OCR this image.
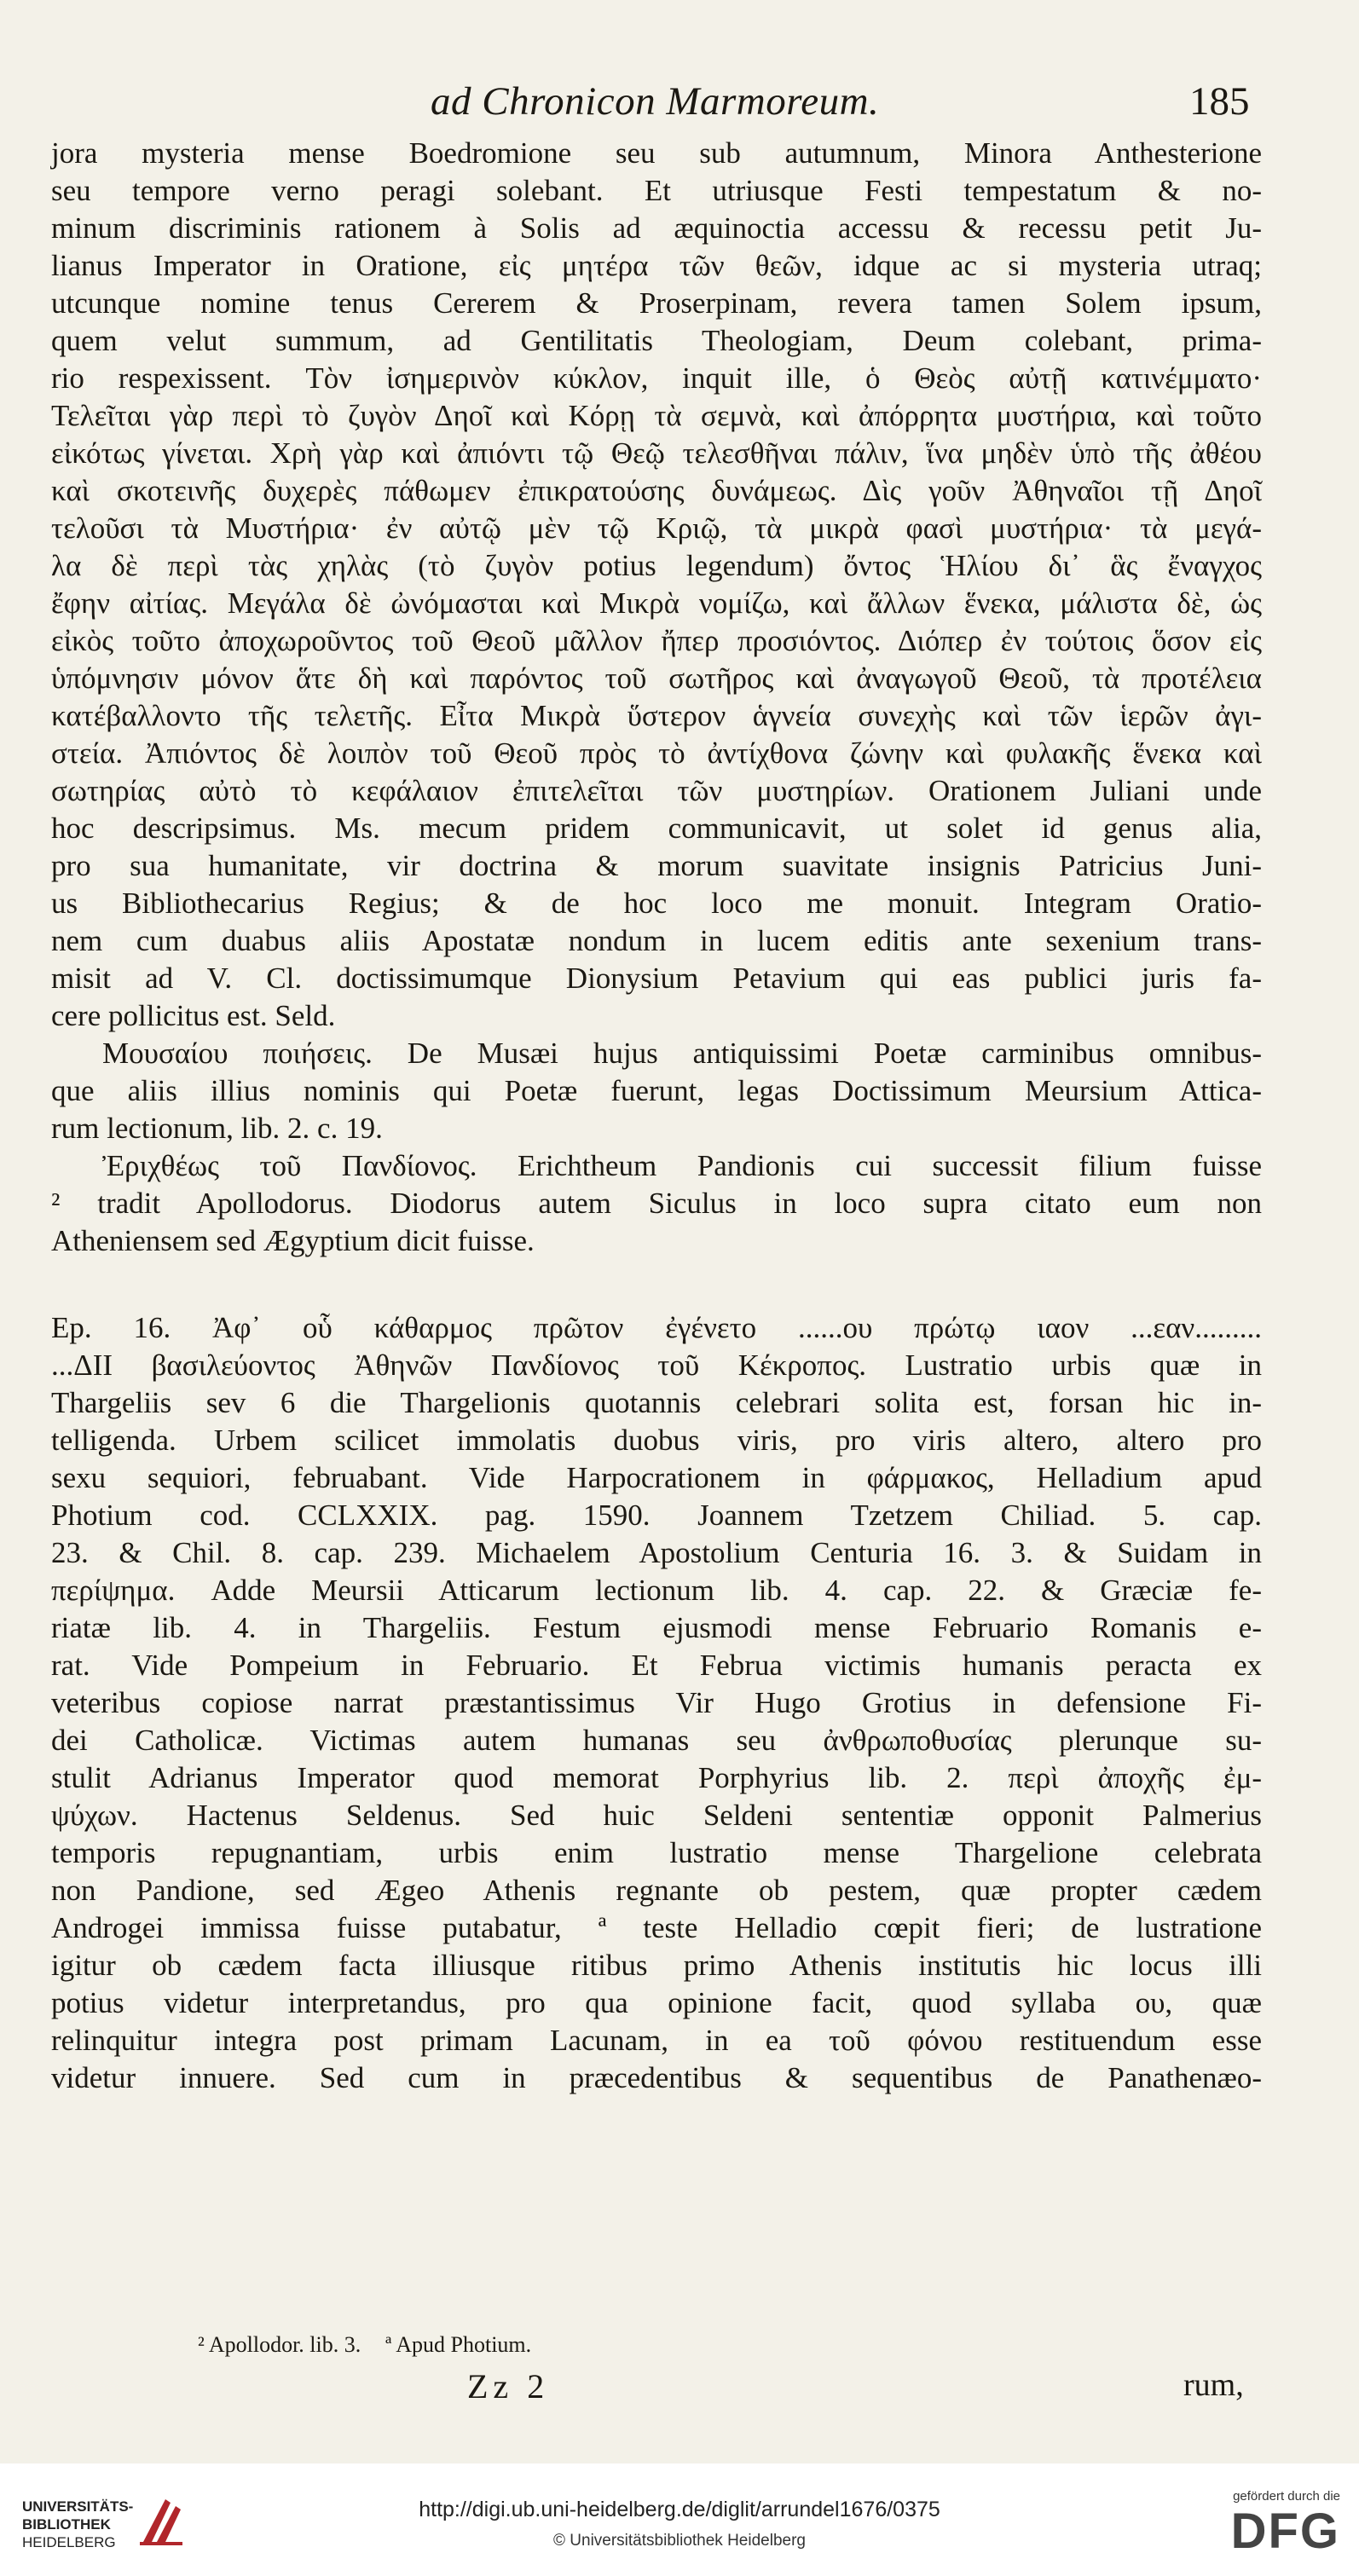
ad Chronicon Marmoreum.	185
jora mysteria mense Boedromione seu sub autumnum, Minora Anthesterione
seu tempore verno peragi solebant. Et utriusque Festi tempestatum & no-
minum discriminis rationem à Solis ad æquinoctia accessu & recessu petit Ju-
lianus Imperator in Oratione, εἰς μητέρα τῶν θεῶν, idque ac si mysteria utraq;
utcunque nomine tenus Cererem & Proserpinam, revera tamen Solem ipsum,
quem velut summum, ad Gentilitatis Theologiam, Deum colebant, prima-
rio respexissent. Τὸν ἰσημερινὸν κύκλον, inquit ille, ὁ Θεὸς αὐτῇ κατινέμματο·
Τελεῖται γὰρ περὶ τὸ ζυγὸν Δηοῖ καὶ Κόρῃ τὰ σεμνὰ, καὶ ἀπόρρητα μυστήρια, καὶ τοῦτο
εἰκότως γίνεται. Χρὴ γὰρ καὶ ἀπιόντι τῷ Θεῷ τελεσθῆναι πάλιν, ἵνα μηδὲν ὑπὸ τῆς ἀθέου
καὶ σκοτεινῆς δυχερὲς πάθωμεν ἐπικρατούσης δυνάμεως. Δὶς γοῦν Ἀθηναῖοι τῇ Δηοῖ
τελοῦσι τὰ Μυστήρια· ἐν αὐτῷ μὲν τῷ Κριῷ, τὰ μικρὰ φασὶ μυστήρια· τὰ μεγά-
λα δὲ περὶ τὰς χηλὰς (τὸ ζυγὸν potius legendum) ὄντος Ἡλίου δι᾽ ἃς ἔναγχος
ἔφην αἰτίας. Μεγάλα δὲ ὠνόμασται καὶ Μικρὰ νομίζω, καὶ ἄλλων ἕνεκα, μάλιστα δὲ, ὡς
εἰκὸς τοῦτο ἀποχωροῦντος τοῦ Θεοῦ μᾶλλον ἤπερ προσιόντος. Διόπερ ἐν τούτοις ὅσον εἰς
ὑπόμνησιν μόνον ἅτε δὴ καὶ παρόντος τοῦ σωτῆρος καὶ ἀναγωγοῦ Θεοῦ, τὰ προτέλεια
κατέβαλλοντο τῆς τελετῆς. Εἶτα Μικρὰ ὕστερον ἁγνεία συνεχὴς καὶ τῶν ἱερῶν ἀγι-
στεία. Ἀπιόντος δὲ λοιπὸν τοῦ Θεοῦ πρὸς τὸ ἀντίχθονα ζώνην καὶ φυλακῆς ἕνεκα καὶ
σωτηρίας αὐτὸ τὸ κεφάλαιον ἐπιτελεῖται τῶν μυστηρίων. Orationem Juliani unde
hoc descripsimus. Ms. mecum pridem communicavit, ut solet id genus alia,
pro sua humanitate, vir doctrina & morum suavitate insignis Patricius Juni-
us Bibliothecarius Regius; & de hoc loco me monuit. Integram Oratio-
nem cum duabus aliis Apostatæ nondum in lucem editis ante sexenium trans-
misit ad V. Cl. doctissimumque Dionysium Petavium qui eas publici juris fa-
cere pollicitus est. Seld.
Μουσαίου ποιήσεις. De Musæi hujus antiquissimi Poetæ carminibus omnibus-
que aliis illius nominis qui Poetæ fuerunt, legas Doctissimum Meursium Attica-
rum lectionum, lib. 2. c. 19.
Ἐριχθέως τοῦ Πανδίονος. Erichtheum Pandionis cui successit filium fuisse
² tradit Apollodorus. Diodorus autem Siculus in loco supra citato eum non
Atheniensem sed Ægyptium dicit fuisse.
Ep. 16. Ἀφ᾽ οὗ κάθαρμος πρῶτον ἐγένετο ......ου πρώτῳ ιαον ...εαν.........
...ΔΙΙ βασιλεύοντος Ἀθηνῶν Πανδίονος τοῦ Κέκροπος. Lustratio urbis quæ in
Thargeliis sev 6 die Thargelionis quotannis celebrari solita est, forsan hic in-
telligenda. Urbem scilicet immolatis duobus viris, pro viris altero, altero pro
sexu sequiori, februabant. Vide Harpocrationem in φάρμακος, Helladium apud
Photium cod. CCLXXIX. pag. 1590. Joannem Tzetzem Chiliad. 5. cap.
23. & Chil. 8. cap. 239. Michaelem Apostolium Centuria 16. 3. & Suidam in
περίψημα. Adde Meursii Atticarum lectionum lib. 4. cap. 22. & Græciæ fe-
riatæ lib. 4. in Thargeliis. Festum ejusmodi mense Februario Romanis e-
rat. Vide Pompeium in Februario. Et Februa victimis humanis peracta ex
veteribus copiose narrat præstantissimus Vir Hugo Grotius in defensione Fi-
dei Catholicæ. Victimas autem humanas seu ἀνθρωποθυσίας plerunque su-
stulit Adrianus Imperator quod memorat Porphyrius lib. 2. περὶ ἀποχῆς ἐμ-
ψύχων. Hactenus Seldenus. Sed huic Seldeni sententiæ opponit Palmerius
temporis repugnantiam, urbis enim lustratio mense Thargelione celebrata
non Pandione, sed Ægeo Athenis regnante ob pestem, quæ propter cædem
Androgei immissa fuisse putabatur, ª teste Helladio cœpit fieri; de lustratione
igitur ob cædem facta illiusque ritibus primo Athenis institutis hic locus illi
potius videtur interpretandus, pro qua opinione facit, quod syllaba ου, quæ
relinquitur integra post primam Lacunam, in ea τοῦ φόνου restituendum esse
videtur innuere. Sed cum in præcedentibus & sequentibus de Panathenæo-
² Apollodor. lib. 3. ª Apud Photium.
Zz 2	rum,
UNIVERSITÄTS-
BIBLIOTHEK
HEIDELBERG
http://digi.ub.uni-heidelberg.de/diglit/arrundel1676/0375
© Universitätsbibliothek Heidelberg
gefördert durch die
DFG
